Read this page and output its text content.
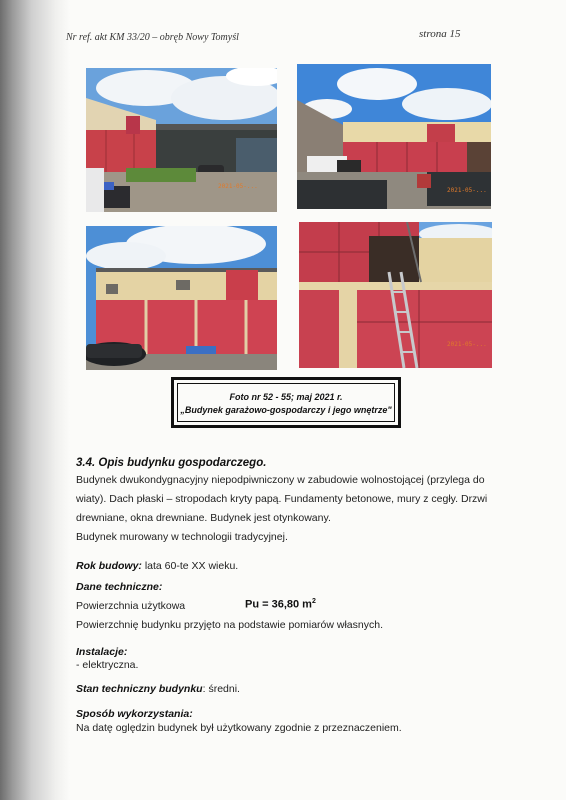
Nr ref. akt KM 33/20 – obręb Nowy Tomyśl	strona 15
2021-05-...
2021-05-...
2021-05-...
Foto nr 52 - 55; maj 2021 r.
„Budynek garażowo-gospodarczy i jego wnętrze"
3.4. Opis budynku gospodarczego.
Budynek dwukondygnacyjny niepodpiwniczony w zabudowie wolnostojącej (przylega do
wiaty). Dach płaski – stropodach kryty papą. Fundamenty betonowe, mury z cegły. Drzwi
drewniane, okna drewniane. Budynek jest otynkowany.
Budynek murowany w technologii tradycyjnej.
Rok budowy: lata 60-te XX wieku.
Dane techniczne:
Powierzchnia użytkowa	Pu = 36,80 $m^2$
Powierzchnię budynku przyjęto na podstawie pomiarów własnych.
Instalacje:
- elektryczna.
Stan techniczny budynku: średni.
Sposób wykorzystania:
Na datę oględzin budynek był użytkowany zgodnie z przeznaczeniem.
